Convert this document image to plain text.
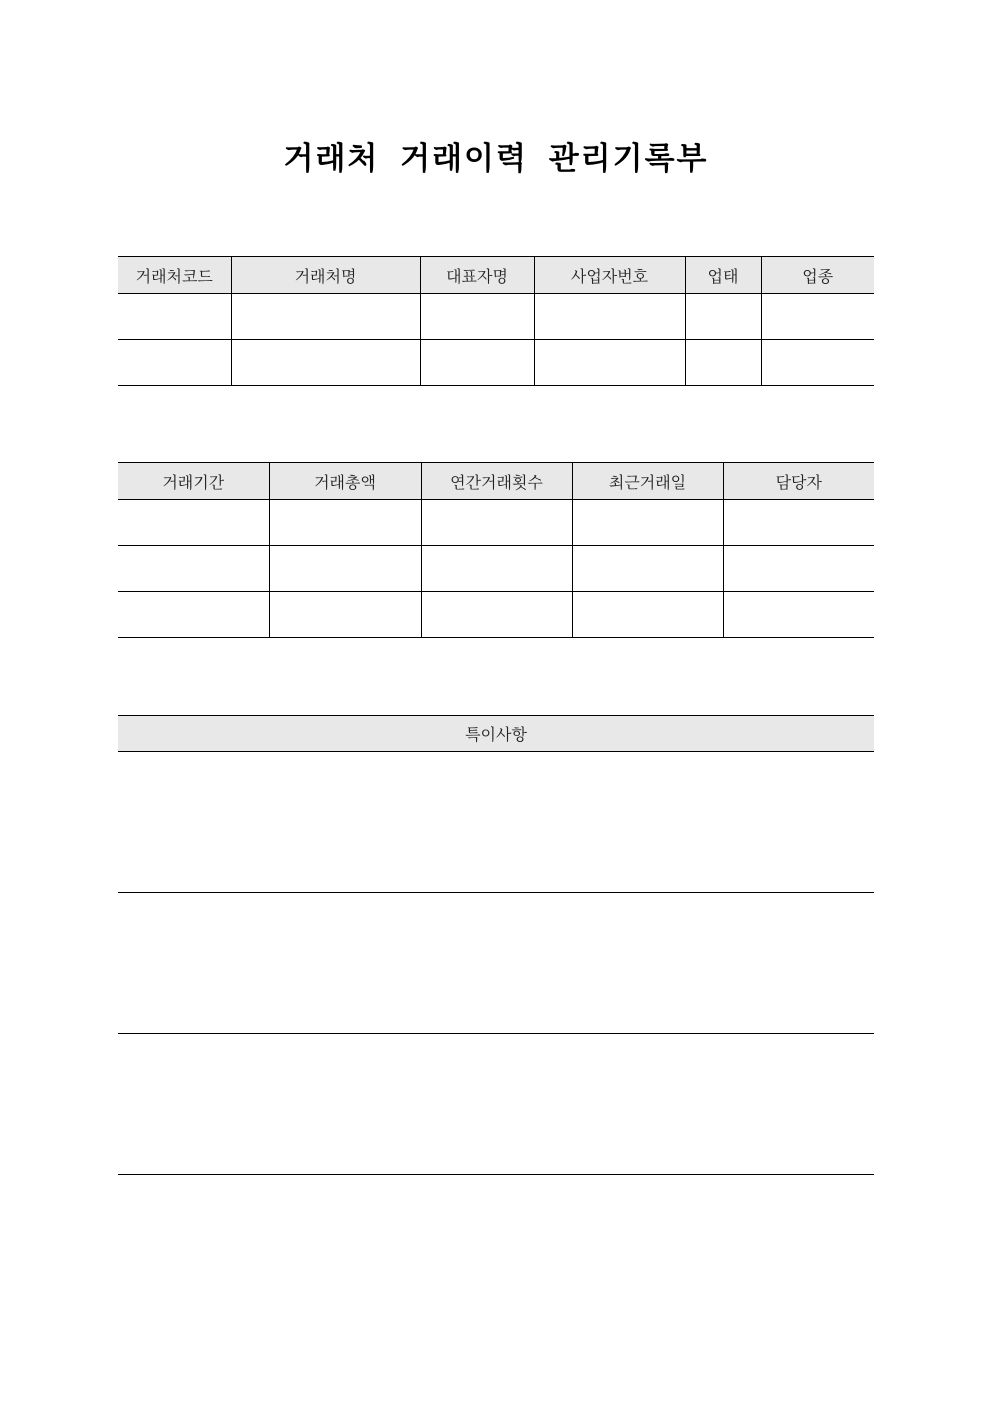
거래처 거래이력 관리기록부
거래처코드	거래처명	대표자명	사업자번호	업태	업종

거래기간	거래총액	연간거래횟수	최근거래일	담당자

특이사항
